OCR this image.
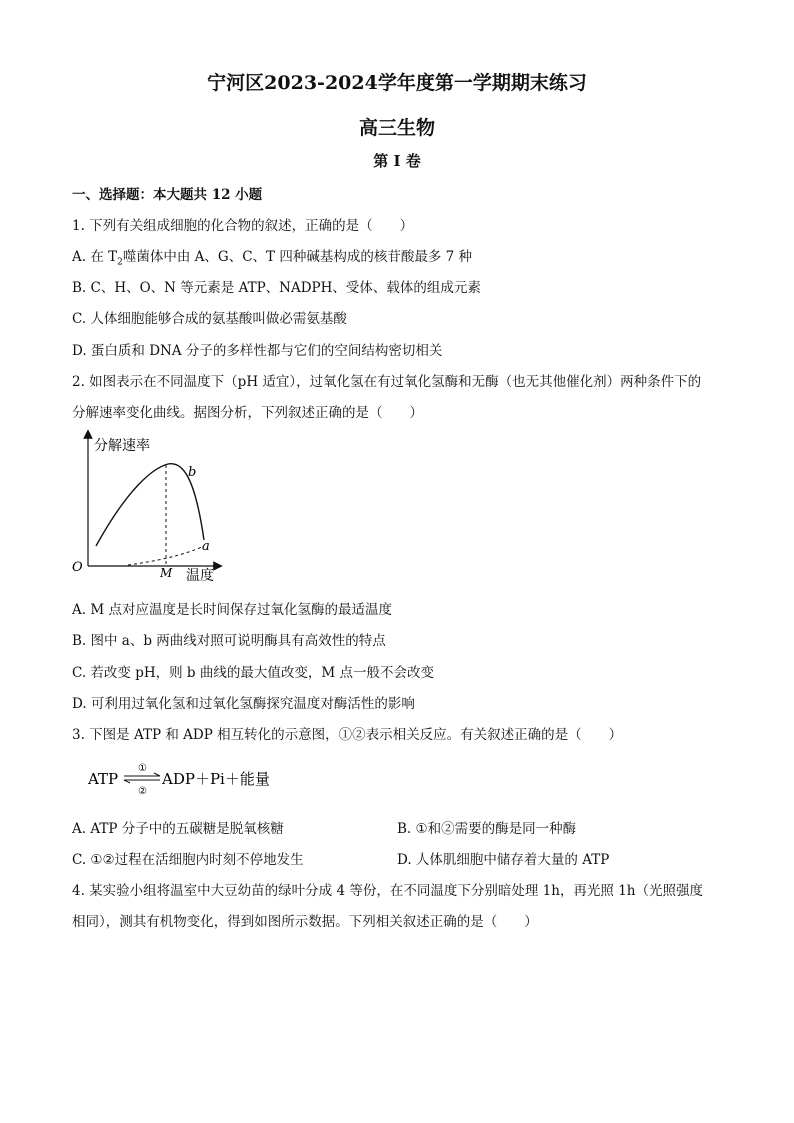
宁河区2023-2024学年度第一学期期末练习
高三生物
第 I 卷
一、选择题：本大题共 12 小题
1. 下列有关组成细胞的化合物的叙述，正确的是（　　）
A. 在 $T_2$噬菌体中由 A、G、C、T 四种碱基构成的核苷酸最多 7 种
B. C、H、O、N 等元素是 ATP、NADPH、受体、载体的组成元素
C. 人体细胞能够合成的氨基酸叫做必需氨基酸
D. 蛋白质和 DNA 分子的多样性都与它们的空间结构密切相关
2. 如图表示在不同温度下（pH 适宜），过氧化氢在有过氧化氢酶和无酶（也无其他催化剂）两种条件下的
分解速率变化曲线。据图分析，下列叙述正确的是（　　）
分解速率
温度
O
b
a
M
A. M 点对应温度是长时间保存过氧化氢酶的最适温度
B. 图中 a、b 两曲线对照可说明酶具有高效性的特点
C. 若改变 pH，则 b 曲线的最大值改变，M 点一般不会改变
D. 可利用过氧化氢和过氧化氢酶探究温度对酶活性的影响
3. 下图是 ATP 和 ADP 相互转化的示意图，①②表示相关反应。有关叙述正确的是（　　）
ATP
①
②
ADP＋Pi＋能量
A. ATP 分子中的五碳糖是脱氧核糖	B. ①和②需要的酶是同一种酶
C. ①②过程在活细胞内时刻不停地发生	D. 人体肌细胞中储存着大量的 ATP
4. 某实验小组将温室中大豆幼苗的绿叶分成 4 等份，在不同温度下分别暗处理 1h，再光照 1h（光照强度
相同），测其有机物变化，得到如图所示数据。下列相关叙述正确的是（　　）
